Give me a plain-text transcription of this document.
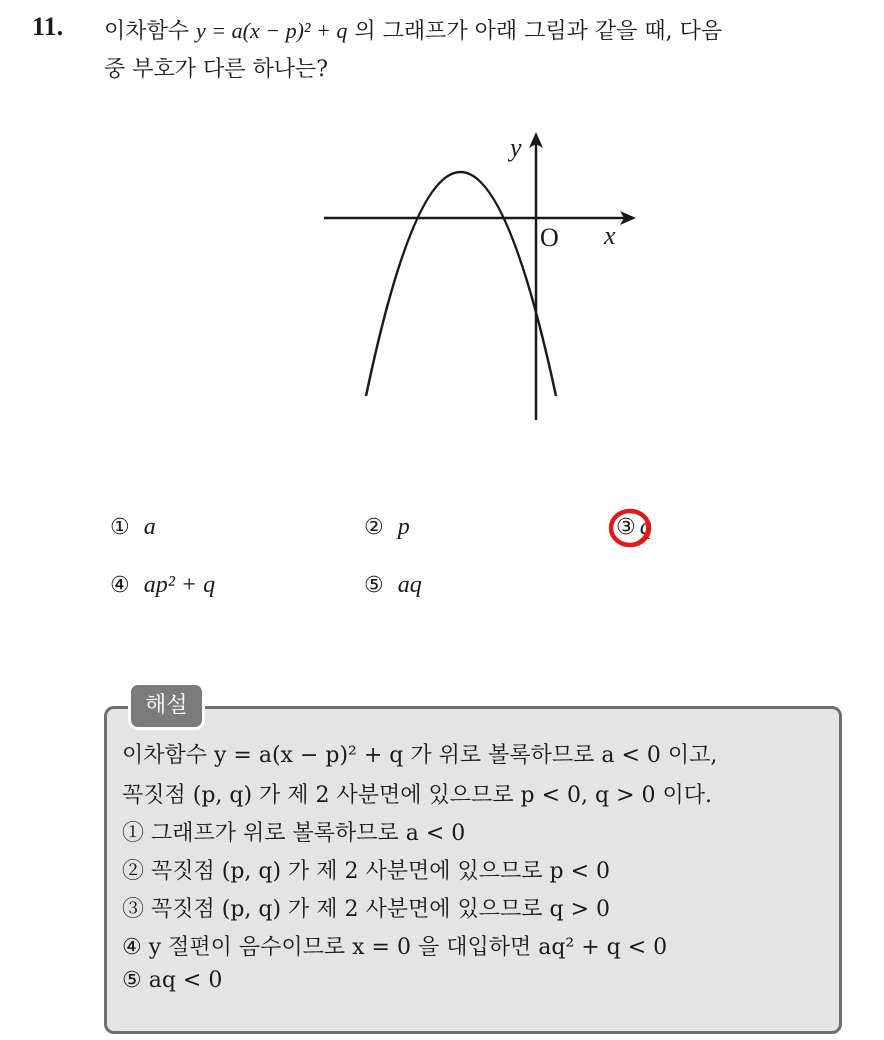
11. 이차함수 y = a(x − p)² + q 의 그래프가 아래 그림과 같을 때, 다음
중 부호가 다른 하나는?
y
x
O
① a	② p	③ q
④ ap² + q	⑤ aq
해설
이차함수 y = a(x − p)² + q 가 위로 볼록하므로 a < 0 이고,
꼭짓점 (p, q) 가 제 2 사분면에 있으므로 p < 0, q > 0 이다.
① 그래프가 위로 볼록하므로 a < 0
② 꼭짓점 (p, q) 가 제 2 사분면에 있으므로 p < 0
③ 꼭짓점 (p, q) 가 제 2 사분면에 있으므로 q > 0
④ y 절편이 음수이므로 x = 0 을 대입하면 aq² + q < 0
⑤ aq < 0
